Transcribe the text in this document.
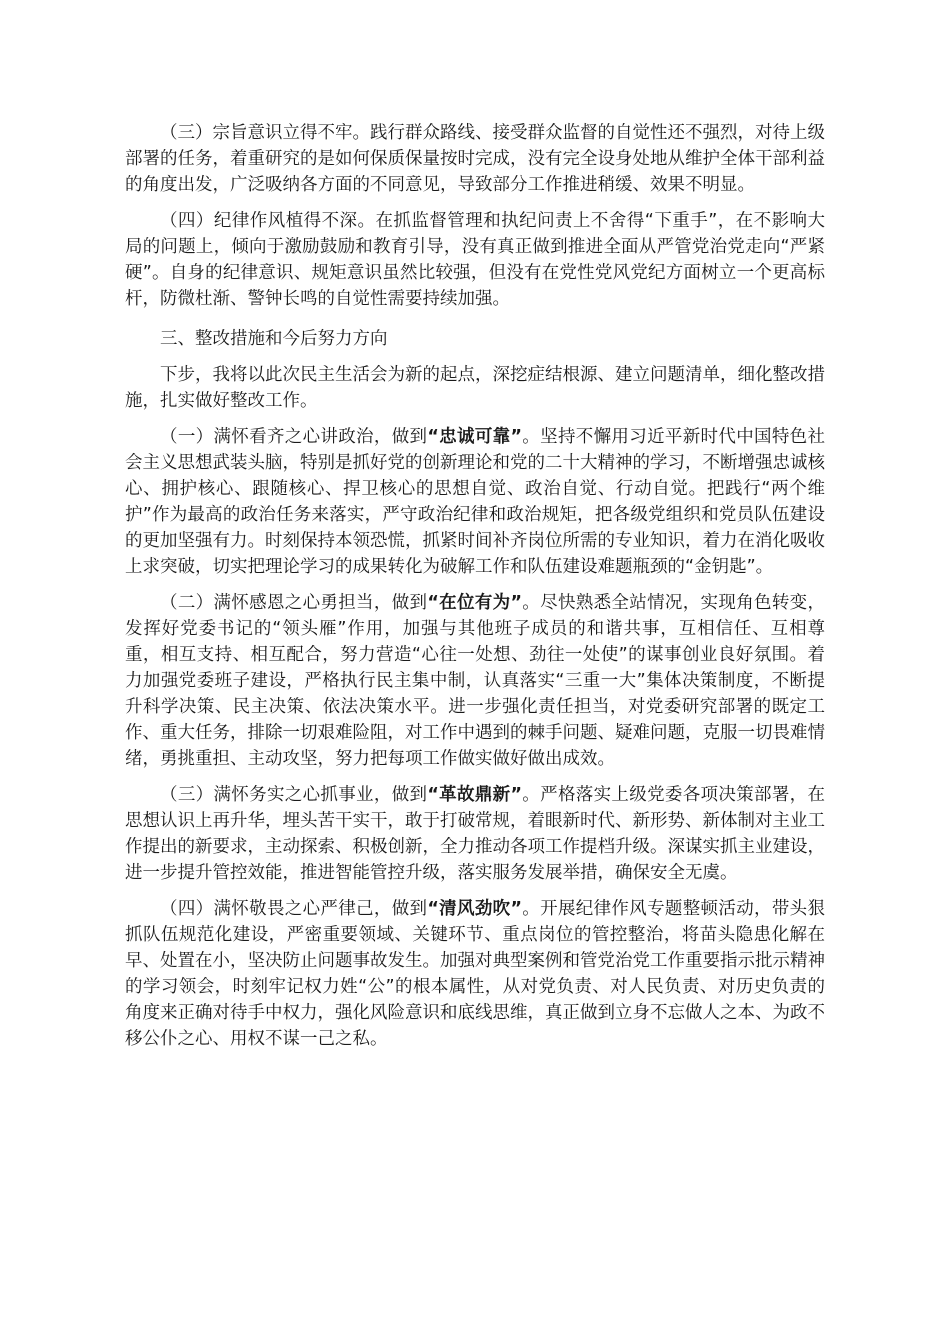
（三）宗旨意识立得不牢。践行群众路线、接受群众监督的自觉性还不强烈，对待上级部署的任务，着重研究的是如何保质保量按时完成，没有完全设身处地从维护全体干部利益的角度出发，广泛吸纳各方面的不同意见，导致部分工作推进稍缓、效果不明显。

（四）纪律作风植得不深。在抓监督管理和执纪问责上不舍得“下重手”，在不影响大局的问题上，倾向于激励鼓励和教育引导，没有真正做到推进全面从严管党治党走向“严紧硬”。自身的纪律意识、规矩意识虽然比较强，但没有在党性党风党纪方面树立一个更高标杆，防微杜渐、警钟长鸣的自觉性需要持续加强。

三、整改措施和今后努力方向

下步，我将以此次民主生活会为新的起点，深挖症结根源、建立问题清单，细化整改措施，扎实做好整改工作。

（一）满怀看齐之心讲政治，做到“忠诚可靠”。坚持不懈用习近平新时代中国特色社会主义思想武装头脑，特别是抓好党的创新理论和党的二十大精神的学习，不断增强忠诚核心、拥护核心、跟随核心、捍卫核心的思想自觉、政治自觉、行动自觉。把践行“两个维护”作为最高的政治任务来落实，严守政治纪律和政治规矩，把各级党组织和党员队伍建设的更加坚强有力。时刻保持本领恐慌，抓紧时间补齐岗位所需的专业知识，着力在消化吸收上求突破，切实把理论学习的成果转化为破解工作和队伍建设难题瓶颈的“金钥匙”。

（二）满怀感恩之心勇担当，做到“在位有为”。尽快熟悉全站情况，实现角色转变，发挥好党委书记的“领头雁”作用，加强与其他班子成员的和谐共事，互相信任、互相尊重，相互支持、相互配合，努力营造“心往一处想、劲往一处使”的谋事创业良好氛围。着力加强党委班子建设，严格执行民主集中制，认真落实“三重一大”集体决策制度，不断提升科学决策、民主决策、依法决策水平。进一步强化责任担当，对党委研究部署的既定工作、重大任务，排除一切艰难险阻，对工作中遇到的棘手问题、疑难问题，克服一切畏难情绪，勇挑重担、主动攻坚，努力把每项工作做实做好做出成效。

（三）满怀务实之心抓事业，做到“革故鼎新”。严格落实上级党委各项决策部署，在思想认识上再升华，埋头苦干实干，敢于打破常规，着眼新时代、新形势、新体制对主业工作提出的新要求，主动探索、积极创新，全力推动各项工作提档升级。深谋实抓主业建设，进一步提升管控效能，推进智能管控升级，落实服务发展举措，确保安全无虞。

（四）满怀敬畏之心严律己，做到“清风劲吹”。开展纪律作风专题整顿活动，带头狠抓队伍规范化建设，严密重要领域、关键环节、重点岗位的管控整治，将苗头隐患化解在早、处置在小，坚决防止问题事故发生。加强对典型案例和管党治党工作重要指示批示精神的学习领会，时刻牢记权力姓“公”的根本属性，从对党负责、对人民负责、对历史负责的角度来正确对待手中权力，强化风险意识和底线思维，真正做到立身不忘做人之本、为政不移公仆之心、用权不谋一己之私。
